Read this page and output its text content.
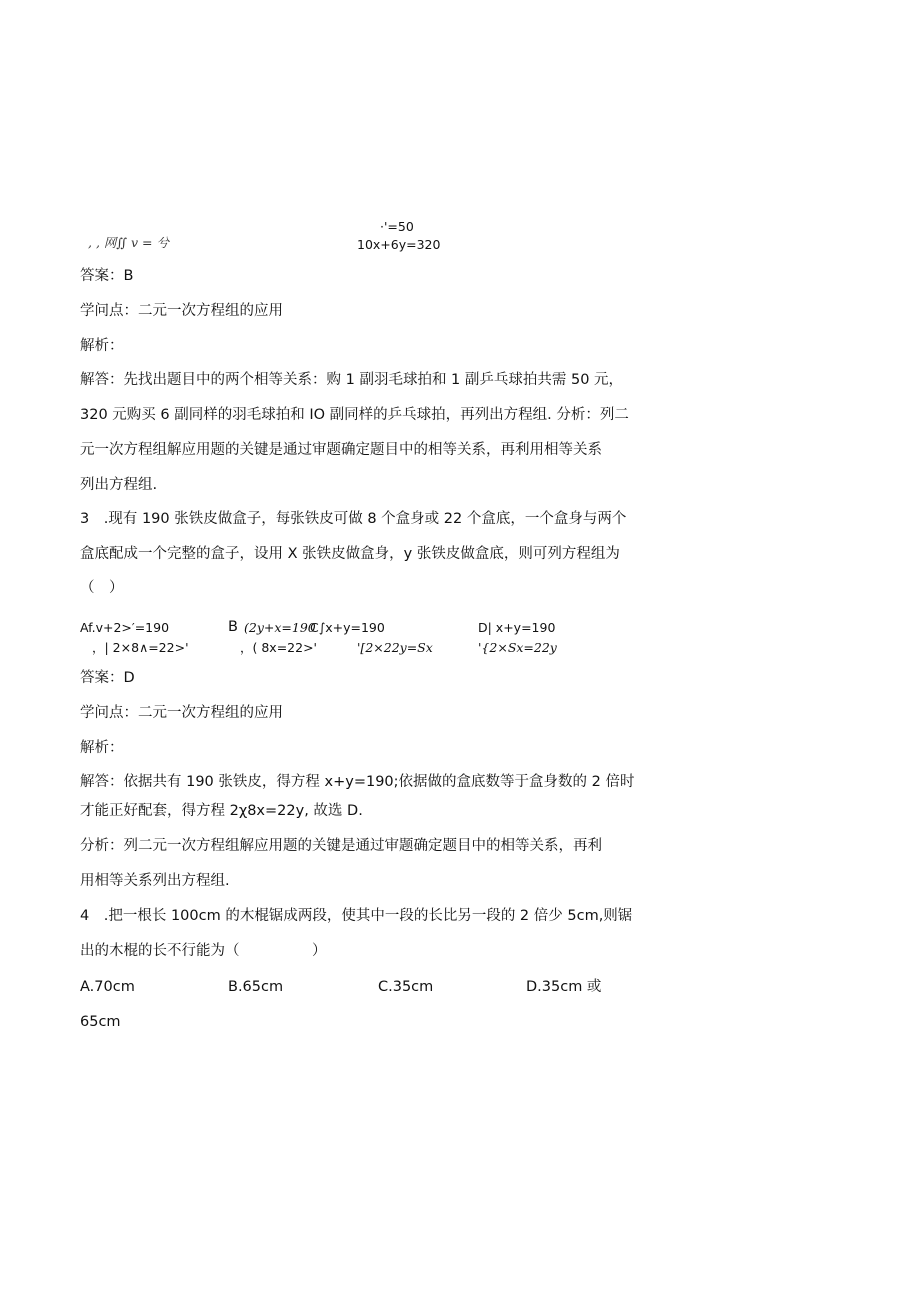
, , 网∬ v = 兮
·'=50
10x+6y=320
答案：B
学问点：二元一次方程组的应用
解析：
解答：先找出题目中的两个相等关系：购 1 副羽毛球拍和 1 副乒乓球拍共需 50 元，
320 元购买 6 副同样的羽毛球拍和 IO 副同样的乒乓球拍，再列出方程组. 分析：列二
元一次方程组解应用题的关键是通过审题确定题目中的相等关系，再利用相等关系
列出方程组.
3　.现有 190 张铁皮做盒子，每张铁皮可做 8 个盒身或 22 个盒底，一个盒身与两个
盒底配成一个完整的盒子，设用 X 张铁皮做盒身，y 张铁皮做盒底，则可列方程组为
（　）
Af.v+2>′=190
，| 2×8∧=22>'
B (2y+x=190
C∫x+y=190
，( 8x=22>'	'[2×22y=Sx
D| x+y=190
'{2×Sx=22y
答案：D
学问点：二元一次方程组的应用
解析：
解答：依据共有 190 张铁皮，得方程 x+y=190;依据做的盒底数等于盒身数的 2 倍时
才能正好配套，得方程 2χ8x=22y, 故选 D.
分析：列二元一次方程组解应用题的关键是通过审题确定题目中的相等关系，再利
用相等关系列出方程组.
4　.把一根长 100cm 的木棍锯成两段，使其中一段的长比另一段的 2 倍少 5cm,则锯
出的木棍的长不行能为（　　　　　）
A.70cm	B.65cm	C.35cm	D.35cm 或
65cm
